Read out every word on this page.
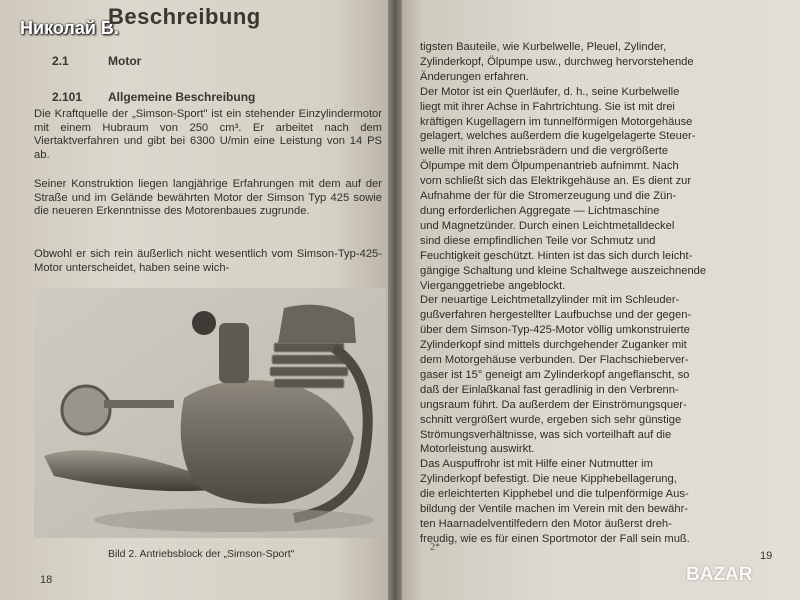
Николай В.
Beschreibung
2.1	Motor
2.101 Allgemeine Beschreibung

Die Kraftquelle der „Simson-Sport" ist ein stehender Einzylindermotor mit einem Hubraum von 250 cm³. Er arbeitet nach dem Viertaktverfahren und gibt bei 6300 U/min eine Leistung von 14 PS ab.

Seiner Konstruktion liegen langjährige Erfahrungen mit dem auf der Straße und im Gelände bewährten Motor der Simson Typ 425 sowie die neueren Erkenntnisse des Motorenbaues zugrunde.

Obwohl er sich rein äußerlich nicht wesentlich vom Simson-Typ-425-Motor unterscheidet, haben seine wich-

Bild 2. Antriebsblock der „Simson-Sport"
18
tigsten Bauteile, wie Kurbelwelle, Pleuel, Zylinder,
Zylinderkopf, Ölpumpe usw., durchweg hervorstehende
Änderungen erfahren.
Der Motor ist ein Querläufer, d. h., seine Kurbelwelle
liegt mit ihrer Achse in Fahrtrichtung. Sie ist mit drei
kräftigen Kugellagern im tunnelförmigen Motorgehäuse
gelagert, welches außerdem die kugelgelagerte Steuer-
welle mit ihren Antriebsrädern und die vergrößerte
Ölpumpe mit dem Ölpumpenantrieb aufnimmt. Nach
vorn schließt sich das Elektrikgehäuse an. Es dient zur
Aufnahme der für die Stromerzeugung und die Zün-
dung erforderlichen Aggregate — Lichtmaschine
und Magnetzünder. Durch einen Leichtmetalldeckel
sind diese empfindlichen Teile vor Schmutz und
Feuchtigkeit geschützt. Hinten ist das sich durch leicht-
gängige Schaltung und kleine Schaltwege auszeichnende
Vierganggetriebe angeblockt.
Der neuartige Leichtmetallzylinder mit im Schleuder-
gußverfahren hergestellter Laufbuchse und der gegen-
über dem Simson-Typ-425-Motor völlig umkonstruierte
Zylinderkopf sind mittels durchgehender Zuganker mit
dem Motorgehäuse verbunden. Der Flachschieberver-
gaser ist 15° geneigt am Zylinderkopf angeflanscht, so
daß der Einlaßkanal fast geradlinig in den Verbrenn-
ungsraum führt. Da außerdem der Einströmungsquer-
schnitt vergrößert wurde, ergeben sich sehr günstige
Strömungsverhältnisse, was sich vorteilhaft auf die
Motorleistung auswirkt.
Das Auspuffrohr ist mit Hilfe einer Nutmutter im
Zylinderkopf befestigt. Die neue Kipphebellagerung,
die erleichterten Kipphebel und die tulpenförmige Aus-
bildung der Ventile machen im Verein mit den bewähr-
ten Haarnadelventilfedern den Motor äußerst dreh-
freudig, wie es für einen Sportmotor der Fall sein muß.
2*
19
BAZAR
